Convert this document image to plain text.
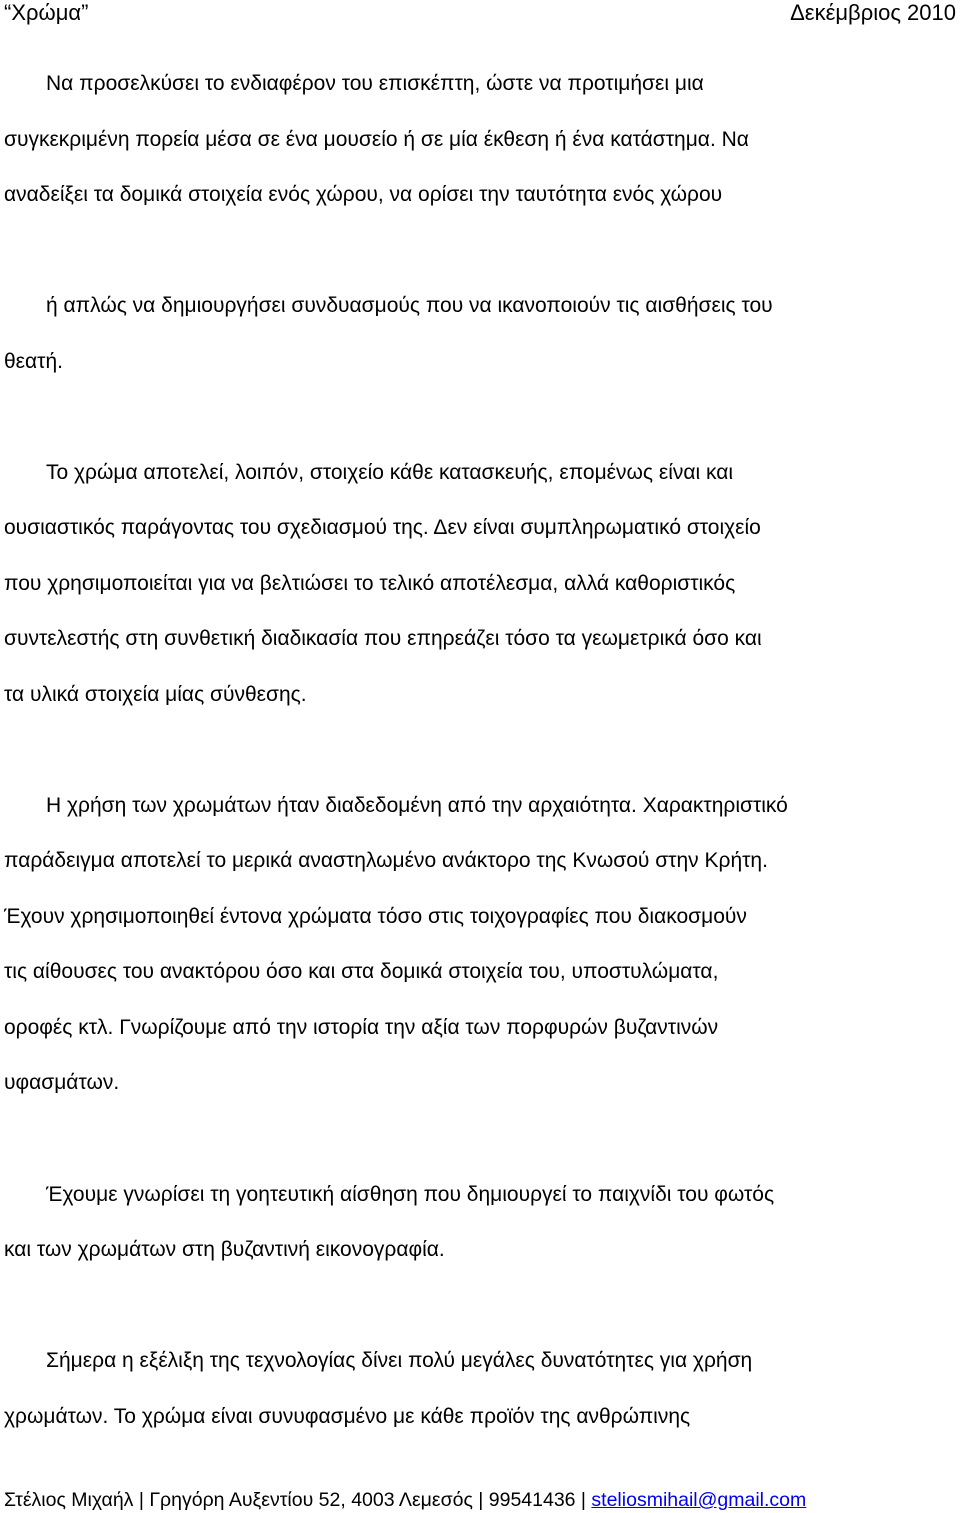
“Χρώμα”	Δεκέμβριος 2010
Να προσελκύσει το ενδιαφέρον του επισκέπτη, ώστε να προτιμήσει μια
συγκεκριμένη πορεία μέσα σε ένα μουσείο ή σε μία έκθεση ή ένα κατάστημα. Να
αναδείξει τα δομικά στοιχεία ενός χώρου, να ορίσει την ταυτότητα ενός χώρου
ή απλώς να δημιουργήσει συνδυασμούς που να ικανοποιούν τις αισθήσεις του
θεατή.
Το χρώμα αποτελεί, λοιπόν, στοιχείο κάθε κατασκευής, επομένως είναι και
ουσιαστικός παράγοντας του σχεδιασμού της. Δεν είναι συμπληρωματικό στοιχείο
που χρησιμοποιείται για να βελτιώσει το τελικό αποτέλεσμα, αλλά καθοριστικός
συντελεστής στη συνθετική διαδικασία που επηρεάζει τόσο τα γεωμετρικά όσο και
τα υλικά στοιχεία μίας σύνθεσης.
Η χρήση των χρωμάτων ήταν διαδεδομένη από την αρχαιότητα. Χαρακτηριστικό
παράδειγμα αποτελεί το μερικά αναστηλωμένο ανάκτορο της Κνωσού στην Κρήτη.
Έχουν χρησιμοποιηθεί έντονα χρώματα τόσο στις τοιχογραφίες που διακοσμούν
τις αίθουσες του ανακτόρου όσο και στα δομικά στοιχεία του, υποστυλώματα,
οροφές κτλ. Γνωρίζουμε από την ιστορία την αξία των πορφυρών βυζαντινών
υφασμάτων.
Έχουμε γνωρίσει τη γοητευτική αίσθηση που δημιουργεί το παιχνίδι του φωτός
και των χρωμάτων στη βυζαντινή εικονογραφία.
Σήμερα η εξέλιξη της τεχνολογίας δίνει πολύ μεγάλες δυνατότητες για χρήση
χρωμάτων. Το χρώμα είναι συνυφασμένο με κάθε προϊόν της ανθρώπινης
Στέλιος Μιχαήλ | Γρηγόρη Αυξεντίου 52, 4003 Λεμεσός | 99541436 | steliosmihail@gmail.com
